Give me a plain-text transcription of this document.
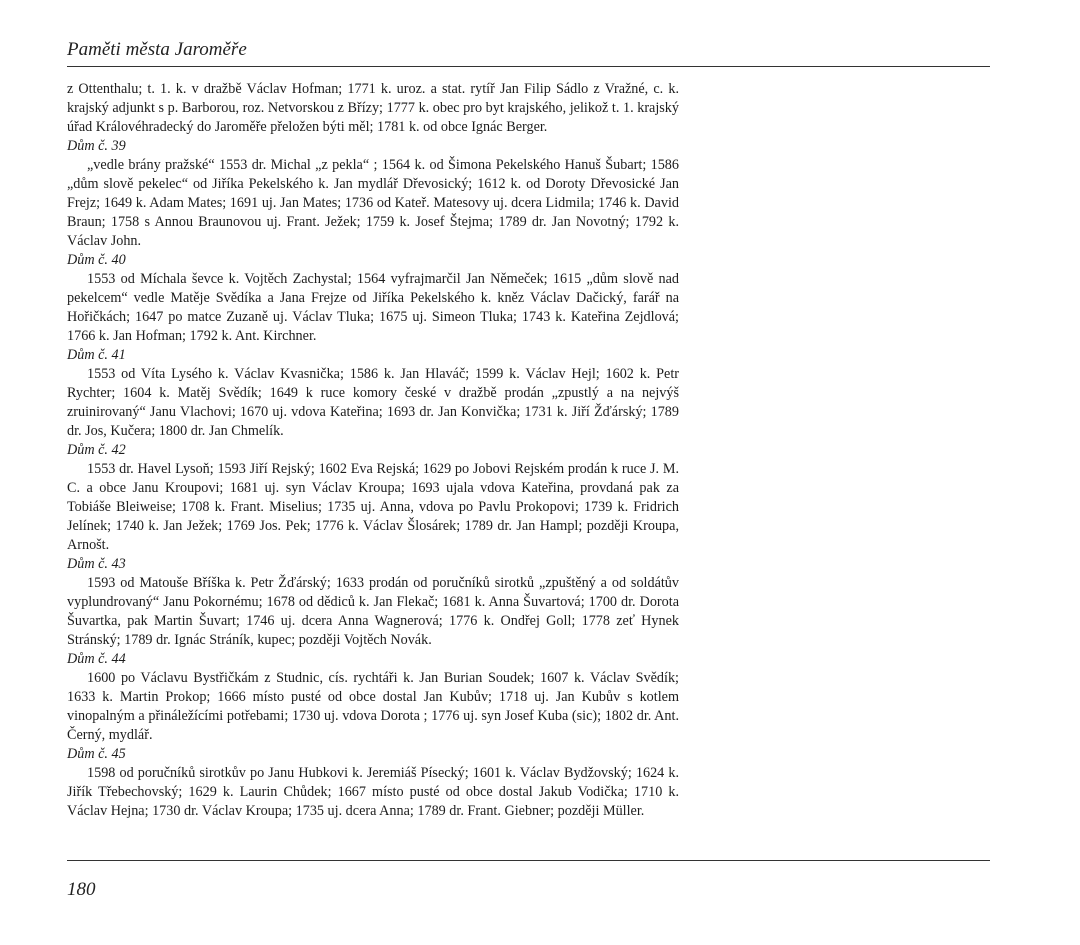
Paměti města Jaroměře

z Ottenthalu; t. 1. k. v dražbě Václav Hofman; 1771 k. uroz. a stat. rytíř Jan Filip Sádlo z Vražné, c. k. krajský adjunkt s p. Barborou, roz. Netvorskou z Břízy; 1777 k. obec pro byt krajského, jelikož t. 1. krajský úřad Královéhradecký do Jaroměře přeložen býti měl; 1781 k. od obce Ignác Berger.

Dům č. 39

„vedle brány pražské“ 1553 dr. Michal „z pekla“ ; 1564 k. od Šimona Pekelského Hanuš Šubart; 1586 „dům slově pekelec“ od Jiříka Pekelského k. Jan mydlář Dřevosický; 1612 k. od Doroty Dřevosické Jan Frejz; 1649 k. Adam Mates; 1691 uj. Jan Mates; 1736 od Kateř. Matesovy uj. dcera Lidmila; 1746 k. David Braun; 1758 s Annou Braunovou uj. Frant. Ježek; 1759 k. Josef Štejma; 1789 dr. Jan Novotný; 1792 k. Václav John.

Dům č. 40

1553 od Míchala ševce k. Vojtěch Zachystal; 1564 vyfrajmarčil Jan Němeček; 1615 „dům slově nad pekelcem“ vedle Matěje Svědíka a Jana Frejze od Jiříka Pekelského k. kněz Václav Dačický, farář na Hořičkách; 1647 po matce Zuzaně uj. Václav Tluka; 1675 uj. Simeon Tluka; 1743 k. Kateřina Zejdlová; 1766 k. Jan Hofman; 1792 k. Ant. Kirchner.

Dům č. 41

1553 od Víta Lysého k. Václav Kvasnička; 1586 k. Jan Hlaváč; 1599 k. Václav Hejl; 1602 k. Petr Rychter; 1604 k. Matěj Svědík; 1649 k ruce komory české v dražbě prodán „zpustlý a na nejvýš zruinirovaný“ Janu Vlachovi; 1670 uj. vdova Kateřina; 1693 dr. Jan Konvička; 1731 k. Jiří Žďárský; 1789 dr. Jos, Kučera; 1800 dr. Jan Chmelík.

Dům č. 42

1553 dr. Havel Lysoň; 1593 Jiří Rejský; 1602 Eva Rejská; 1629 po Jobovi Rejském prodán k ruce J. M. C. a obce Janu Kroupovi; 1681 uj. syn Václav Kroupa; 1693 ujala vdova Kateřina, provdaná pak za Tobiáše Bleiweise; 1708 k. Frant. Miselius; 1735 uj. Anna, vdova po Pavlu Prokopovi; 1739 k. Fridrich Jelínek; 1740 k. Jan Ježek; 1769 Jos. Pek; 1776 k. Václav Šlosárek; 1789 dr. Jan Hampl; později Kroupa, Arnošt.

Dům č. 43

1593 od Matouše Bříška k. Petr Žďárský; 1633 prodán od poručníků sirotků „zpuštěný a od soldátův vyplundrovaný“ Janu Pokornému; 1678 od dědiců k. Jan Flekač; 1681 k. Anna Šuvartová; 1700 dr. Dorota Šuvartka, pak Martin Šuvart; 1746 uj. dcera Anna Wagnerová; 1776 k. Ondřej Goll; 1778 zeť Hynek Stránský; 1789 dr. Ignác Stráník, kupec; později Vojtěch Novák.

Dům č. 44

1600 po Václavu Bystřičkám z Studnic, cís. rychtáři k. Jan Burian Soudek; 1607 k. Václav Svědík; 1633 k. Martin Prokop; 1666 místo pusté od obce dostal Jan Kubův; 1718 uj. Jan Kubův s kotlem vinopalným a přináležícími potřebami; 1730 uj. vdova Dorota ; 1776 uj. syn Josef Kuba (sic); 1802 dr. Ant. Černý, mydlář.

Dům č. 45

1598 od poručníků sirotkův po Janu Hubkovi k. Jeremiáš Písecký; 1601 k. Václav Bydžovský; 1624 k. Jiřík Třebechovský; 1629 k. Laurin Chůdek; 1667 místo pusté od obce dostal Jakub Vodička; 1710 k. Václav Hejna; 1730 dr. Václav Kroupa; 1735 uj. dcera Anna; 1789 dr. Frant. Giebner; později Müller.

180
